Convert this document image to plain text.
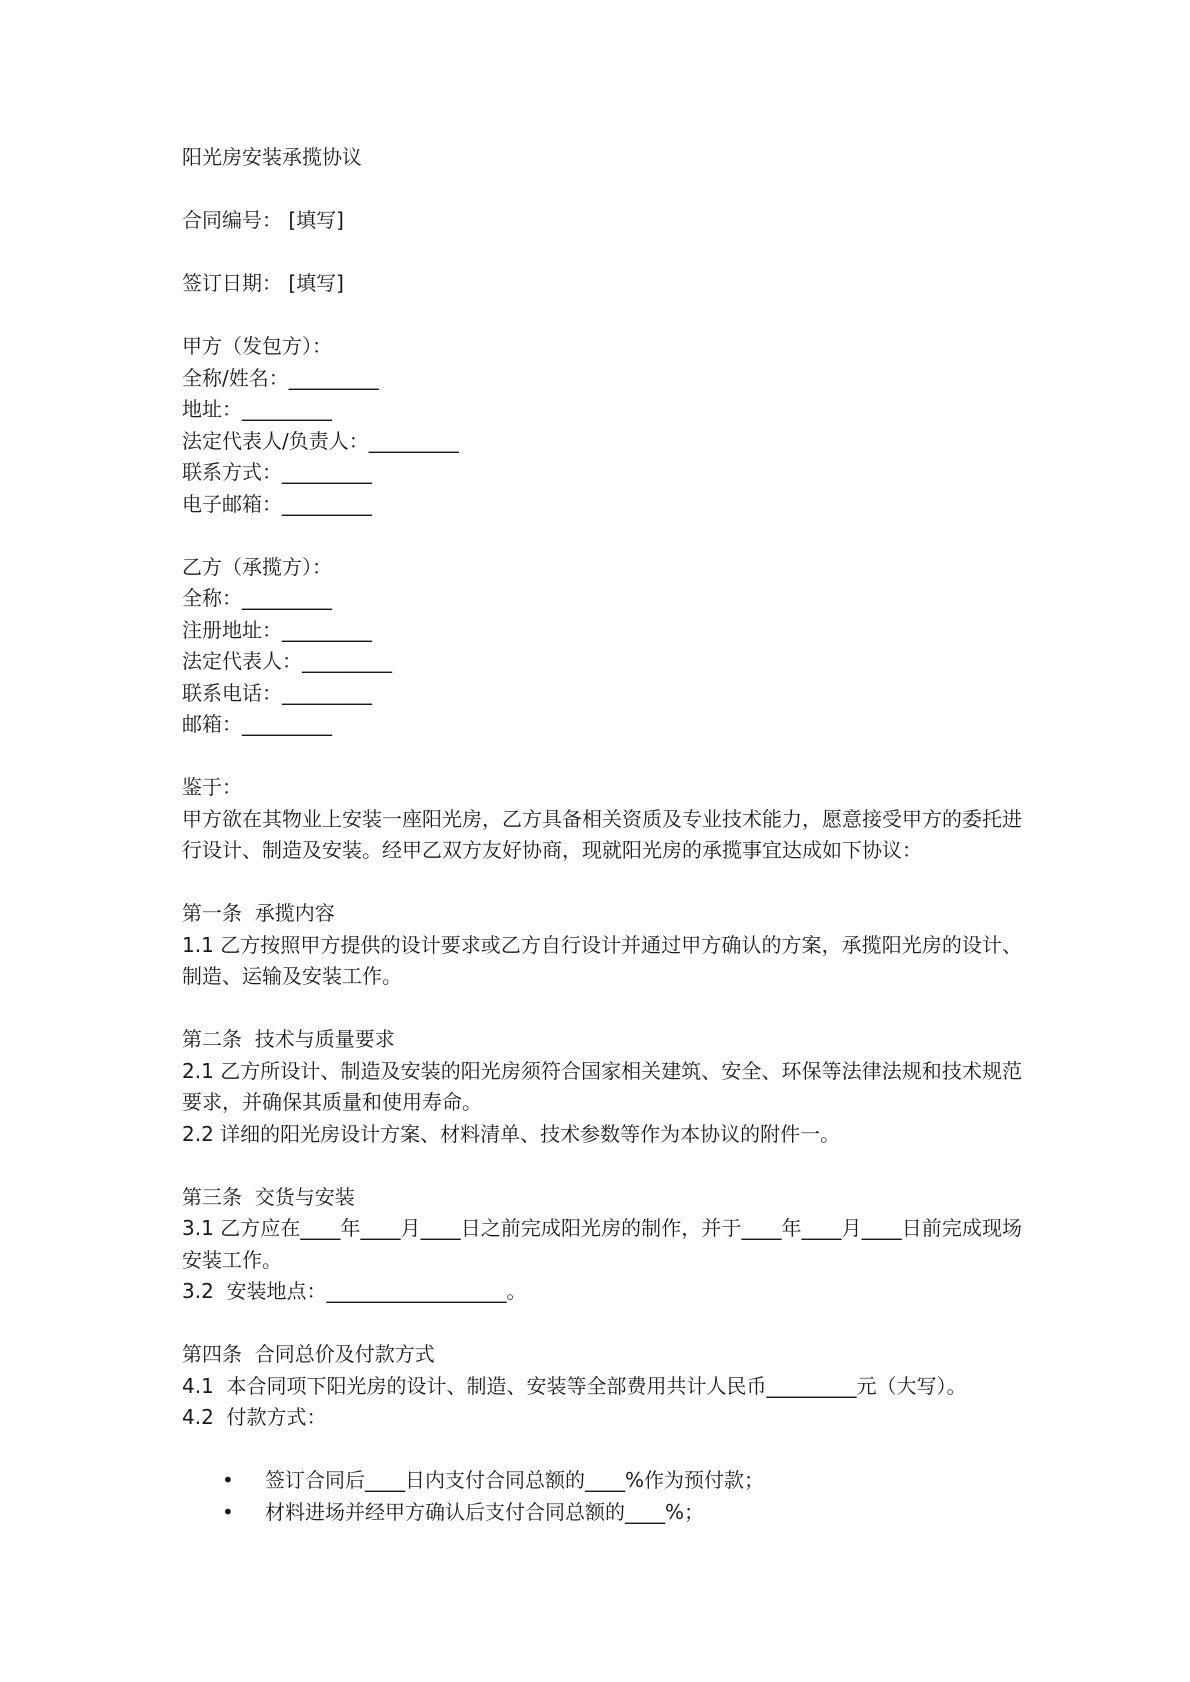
阳光房安装承揽协议

合同编号： [填写]

签订日期： [填写]

甲方（发包方）：

全称/姓名：_________

地址：_________

法定代表人/负责人：_________

联系方式：_________

电子邮箱：_________

乙方（承揽方）：

全称：_________

注册地址：_________

法定代表人：_________

联系电话：_________

邮箱：_________

鉴于：

甲方欲在其物业上安装一座阳光房，乙方具备相关资质及专业技术能力，愿意接受甲方的委托进行设计、制造及安装。经甲乙双方友好协商，现就阳光房的承揽事宜达成如下协议：

第一条  承揽内容

1.1 乙方按照甲方提供的设计要求或乙方自行设计并通过甲方确认的方案，承揽阳光房的设计、制造、运输及安装工作。

第二条  技术与质量要求

2.1 乙方所设计、制造及安装的阳光房须符合国家相关建筑、安全、环保等法律法规和技术规范要求，并确保其质量和使用寿命。

2.2 详细的阳光房设计方案、材料清单、技术参数等作为本协议的附件一。

第三条  交货与安装

3.1 乙方应在____年____月____日之前完成阳光房的制作，并于____年____月____日前完成现场安装工作。

3.2  安装地点：__________________。

第四条  合同总价及付款方式

4.1  本合同项下阳光房的设计、制造、安装等全部费用共计人民币_________元（大写）。

4.2  付款方式：

• 签订合同后____日内支付合同总额的____%作为预付款；
• 材料进场并经甲方确认后支付合同总额的____%；
